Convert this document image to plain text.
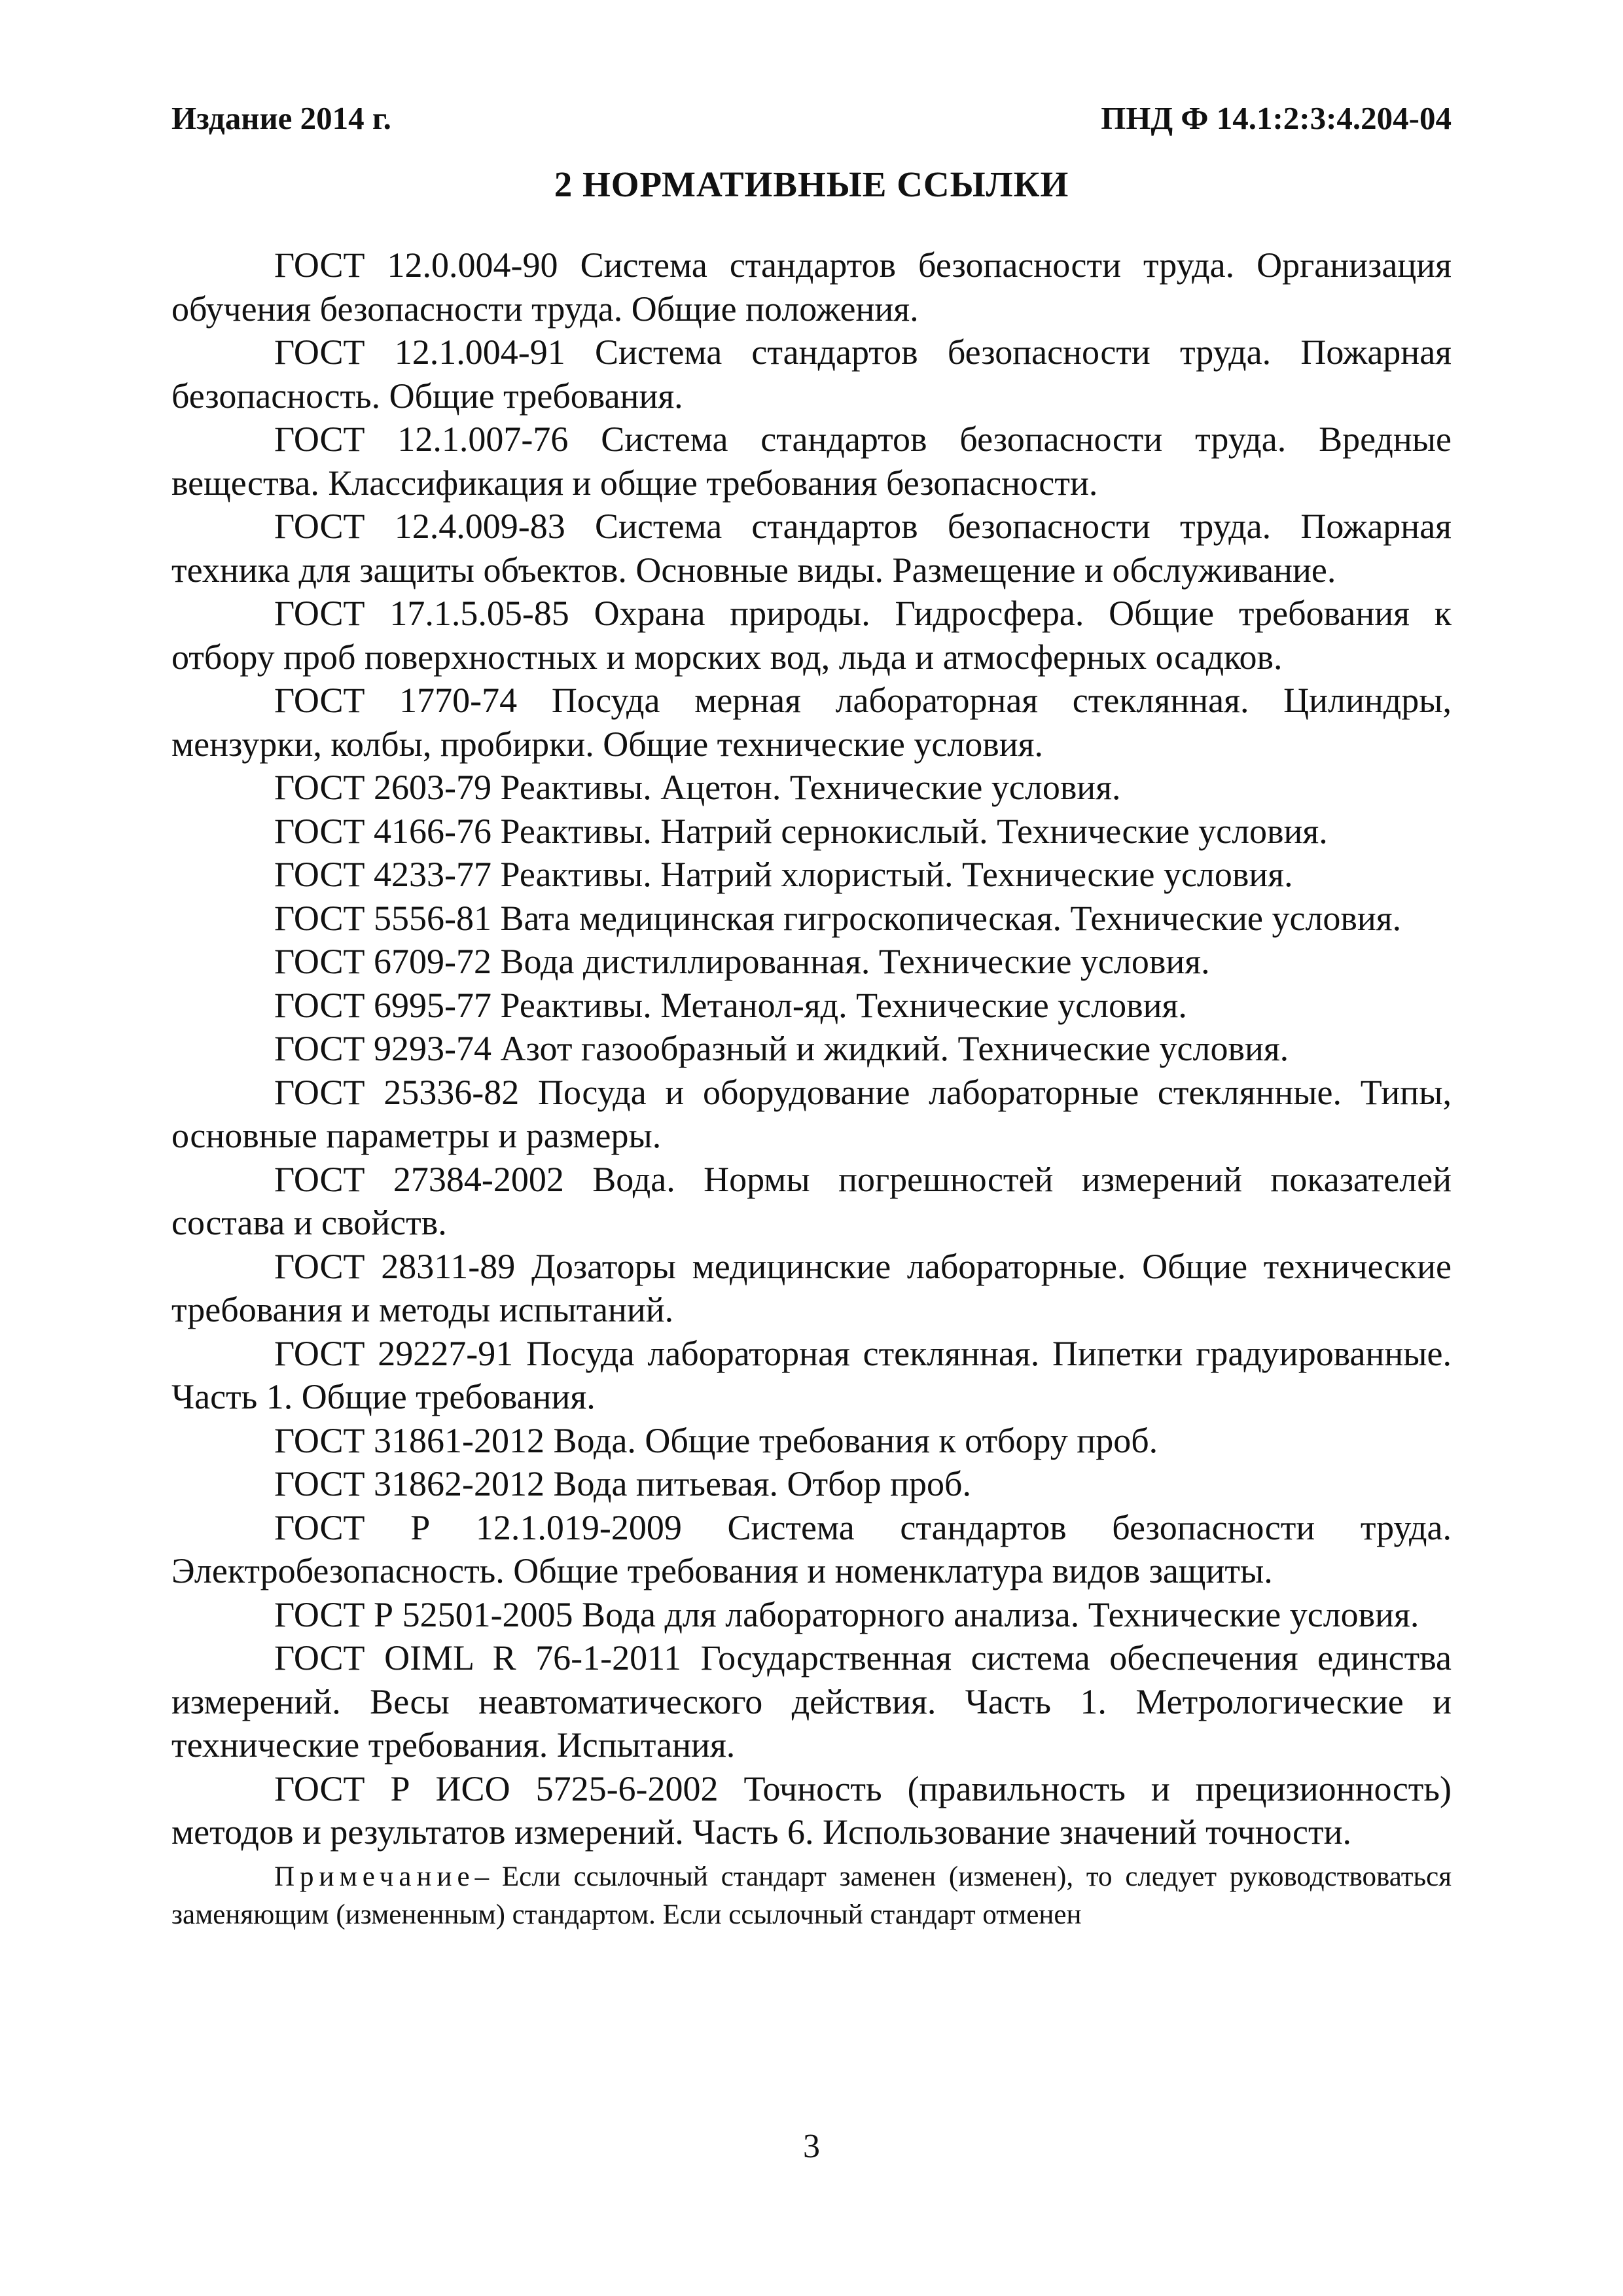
Издание 2014 г.	ПНД Ф 14.1:2:3:4.204-04
2 НОРМАТИВНЫЕ ССЫЛКИ

ГОСТ 12.0.004-90 Система стандартов безопасности труда. Организация обучения безопасности труда. Общие положения.

ГОСТ 12.1.004-91 Система стандартов безопасности труда. Пожарная безопасность. Общие требования.

ГОСТ 12.1.007-76 Система стандартов безопасности труда. Вредные вещества. Классификация и общие требования безопасности.

ГОСТ 12.4.009-83 Система стандартов безопасности труда. Пожарная техника для защиты объектов. Основные виды. Размещение и обслуживание.

ГОСТ 17.1.5.05-85 Охрана природы. Гидросфера. Общие требования к отбору проб поверхностных и морских вод, льда и атмосферных осадков.

ГОСТ 1770-74 Посуда мерная лабораторная стеклянная. Цилиндры, мензурки, колбы, пробирки. Общие технические условия.

ГОСТ 2603-79 Реактивы. Ацетон. Технические условия.

ГОСТ 4166-76 Реактивы. Натрий сернокислый. Технические условия.

ГОСТ 4233-77 Реактивы. Натрий хлористый. Технические условия.

ГОСТ 5556-81 Вата медицинская гигроскопическая. Технические условия.

ГОСТ 6709-72 Вода дистиллированная. Технические условия.

ГОСТ 6995-77 Реактивы. Метанол-яд. Технические условия.

ГОСТ 9293-74 Азот газообразный и жидкий. Технические условия.

ГОСТ 25336-82 Посуда и оборудование лабораторные стеклянные. Типы, основные параметры и размеры.

ГОСТ 27384-2002 Вода. Нормы погрешностей измерений показателей состава и свойств.

ГОСТ 28311-89 Дозаторы медицинские лабораторные. Общие технические требования и методы испытаний.

ГОСТ 29227-91 Посуда лабораторная стеклянная. Пипетки градуированные. Часть 1. Общие требования.

ГОСТ 31861-2012 Вода. Общие требования к отбору проб.

ГОСТ 31862-2012 Вода питьевая. Отбор проб.

ГОСТ Р 12.1.019-2009 Система стандартов безопасности труда. Электробезопасность. Общие требования и номенклатура видов защиты.

ГОСТ Р 52501-2005 Вода для лабораторного анализа. Технические условия.

ГОСТ OIML R 76-1-2011 Государственная система обеспечения единства измерений. Весы неавтоматического действия. Часть 1. Метрологические и технические требования. Испытания.

ГОСТ Р ИСО 5725-6-2002 Точность (правильность и прецизионность) методов и результатов измерений. Часть 6. Использование значений точности.

Примечание– Если ссылочный стандарт заменен (изменен), то следует руководствоваться заменяющим (измененным) стандартом. Если ссылочный стандарт отменен

3
